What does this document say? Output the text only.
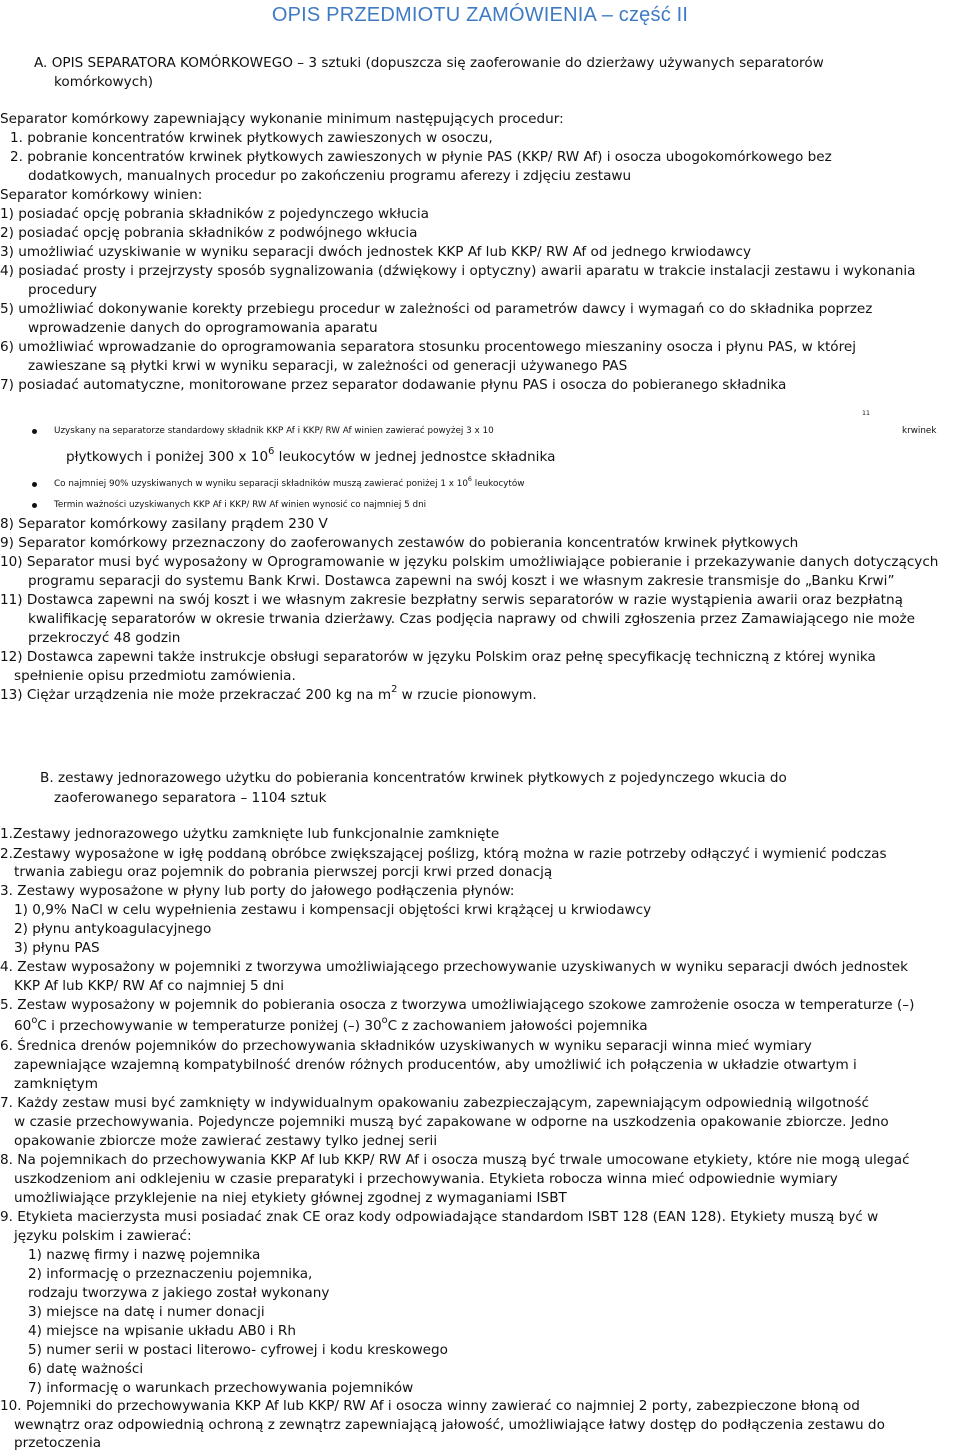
OPIS PRZEDMIOTU ZAMÓWIENIA – część II
A. OPIS SEPARATORA KOMÓRKOWEGO – 3 sztuki (dopuszcza się zaoferowanie do dzierżawy używanych separatorów
komórkowych)
Separator komórkowy zapewniający wykonanie minimum następujących procedur:
1. pobranie koncentratów krwinek płytkowych zawieszonych w osoczu,
2. pobranie koncentratów krwinek płytkowych zawieszonych w płynie PAS (KKP/ RW Af) i osocza ubogokomórkowego bez
dodatkowych, manualnych procedur po zakończeniu programu aferezy i zdjęciu zestawu
Separator komórkowy winien:
1) posiadać opcję pobrania składników z pojedynczego wkłucia
2) posiadać opcję pobrania składników z podwójnego wkłucia
3) umożliwiać uzyskiwanie w wyniku separacji dwóch jednostek KKP Af lub KKP/ RW Af od jednego krwiodawcy
4) posiadać prosty i przejrzysty sposób sygnalizowania (dźwiękowy i optyczny) awarii aparatu w trakcie instalacji zestawu i wykonania
procedury
5) umożliwiać dokonywanie korekty przebiegu procedur w zależności od parametrów dawcy i wymagań co do składnika poprzez
wprowadzenie danych do oprogramowania aparatu
6) umożliwiać wprowadzanie do oprogramowania separatora stosunku procentowego mieszaniny osocza i płynu PAS, w której
zawieszane są płytki krwi w wyniku separacji, w zależności od generacji używanego PAS
7) posiadać automatyczne, monitorowane przez separator dodawanie płynu PAS i osocza do pobieranego składnika
Uzyskany na separatorze standardowy składnik KKP Af i KKP/ RW Af winien zawierać powyżej 3 x 10
11
krwinek
płytkowych i poniżej 300 x $10^6$ leukocytów w jednej jednostce składnika
Co najmniej 90% uzyskiwanych w wyniku separacji składników muszą zawierać poniżej 1 x $10^6$ leukocytów
Termin ważności uzyskiwanych KKP Af i KKP/ RW Af winien wynosić co najmniej 5 dni
8) Separator komórkowy zasilany prądem 230 V
9) Separator komórkowy przeznaczony do zaoferowanych zestawów do pobierania koncentratów krwinek płytkowych
10) Separator musi być wyposażony w Oprogramowanie w języku polskim umożliwiające pobieranie i przekazywanie danych dotyczących
programu separacji do systemu Bank Krwi. Dostawca zapewni na swój koszt i we własnym zakresie transmisje do „Banku Krwi”
11) Dostawca zapewni na swój koszt i we własnym zakresie bezpłatny serwis separatorów w razie wystąpienia awarii oraz bezpłatną
kwalifikację separatorów w okresie trwania dzierżawy. Czas podjęcia naprawy od chwili zgłoszenia przez Zamawiającego nie może
przekroczyć 48 godzin
12) Dostawca zapewni także instrukcje obsługi separatorów w języku Polskim oraz pełnę specyfikację techniczną z której wynika
spełnienie opisu przedmiotu zamówienia.
13) Ciężar urządzenia nie może przekraczać 200 kg na $m^2$ w rzucie pionowym.
B. zestawy jednorazowego użytku do pobierania koncentratów krwinek płytkowych z pojedynczego wkucia do
zaoferowanego separatora – 1104 sztuk
1.Zestawy jednorazowego użytku zamknięte lub funkcjonalnie zamknięte
2.Zestawy wyposażone w igłę poddaną obróbce zwiększającej poślizg, którą można w razie potrzeby odłączyć i wymienić podczas
trwania zabiegu oraz pojemnik do pobrania pierwszej porcji krwi przed donacją
3. Zestawy wyposażone w płyny lub porty do jałowego podłączenia płynów:
1) 0,9% NaCl w celu wypełnienia zestawu i kompensacji objętości krwi krążącej u krwiodawcy
2) płynu antykoagulacyjnego
3) płynu PAS
4. Zestaw wyposażony w pojemniki z tworzywa umożliwiającego przechowywanie uzyskiwanych w wyniku separacji dwóch jednostek
KKP Af lub KKP/ RW Af co najmniej 5 dni
5. Zestaw wyposażony w pojemnik do pobierania osocza z tworzywa umożliwiającego szokowe zamrożenie osocza w temperaturze (–)
60$^o$C i przechowywanie w temperaturze poniżej (–) 30$^o$C z zachowaniem jałowości pojemnika
6. Średnica drenów pojemników do przechowywania składników uzyskiwanych w wyniku separacji winna mieć wymiary
zapewniające wzajemną kompatybilność drenów różnych producentów, aby umożliwić ich połączenia w układzie otwartym i
zamkniętym
7. Każdy zestaw musi być zamknięty w indywidualnym opakowaniu zabezpieczającym, zapewniającym odpowiednią wilgotność
w czasie przechowywania. Pojedyncze pojemniki muszą być zapakowane w odporne na uszkodzenia opakowanie zbiorcze. Jedno
opakowanie zbiorcze może zawierać zestawy tylko jednej serii
8. Na pojemnikach do przechowywania KKP Af lub KKP/ RW Af i osocza muszą być trwale umocowane etykiety, które nie mogą ulegać
uszkodzeniom ani odklejeniu w czasie preparatyki i przechowywania. Etykieta robocza winna mieć odpowiednie wymiary
umożliwiające przyklejenie na niej etykiety głównej zgodnej z wymaganiami ISBT
9. Etykieta macierzysta musi posiadać znak CE oraz kody odpowiadające standardom ISBT 128 (EAN 128). Etykiety muszą być w
języku polskim i zawierać:
1) nazwę firmy i nazwę pojemnika
2) informację o przeznaczeniu pojemnika,
rodzaju tworzywa z jakiego został wykonany
3) miejsce na datę i numer donacji
4) miejsce na wpisanie układu AB0 i Rh
5) numer serii w postaci literowo- cyfrowej i kodu kreskowego
6) datę ważności
7) informację o warunkach przechowywania pojemników
10. Pojemniki do przechowywania KKP Af lub KKP/ RW Af i osocza winny zawierać co najmniej 2 porty, zabezpieczone błoną od
wewnątrz oraz odpowiednią ochroną z zewnątrz zapewniającą jałowość, umożliwiające łatwy dostęp do podłączenia zestawu do
przetoczenia
